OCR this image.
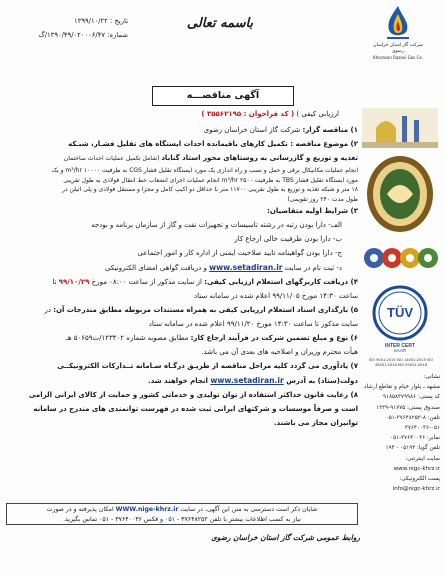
تاریخ : ۱۳۹۹/۱۰/۲۲
شماره: ۱۳۹۰/۴۹/۰۲۰۰۰۶/۴۷/گ
باسمه تعالی
شرکت گاز استان خراسان رضوی
Khorasan Razavi Gas Co.
آگهی مناقصـــه
ارزیابی کیفی ) ( کد فراخوان : ۳۵۵۶۲۱۹۵ )

۱) مناقصه گزار: شرکت گاز استان خراسان رضوی

۲) موضوع مناقصه : تکمیل کارهای باقیمانده احداث ایستگاه های تقلیل فشـار، شبـکه

تغذیه و توزیع و گازرسانی به روستاهای محور استاد گناباد (شامل تکمیل عملیات احداث ساختمان

انجام عملیات مکانیکال برقی و حمل و نصب و راه اندازی یک مورد ایستگاه تقلیل فشار CGS به ظرفیت m³/hr ۱۰۰۰۰ و یک

مورد ایستگاه تقلیل فشار TBS به ظرفیت m³/hr ۲۵۰۰ انجام عملیات اجرای انشعاب خط انتقال فولادی به طول تقریبی

۱۸ متر و شبکه تغذیه و توزیع به طول تقریبی ۱۱۷۰۰ متر با حداقل دو اکیپ کامل و مجزا و مستقل فولادی و پلی اتیلن در

طول مدت ۲۴۰ روز تقویمی)

۳) شرایط اولیه متقاضیان:

الف- دارا بودن رتبه در رشته تاسیسات و تجهیزات نفت و گاز از سازمان برنامه و بودجه

ب- دارا بودن ظرفیت خالی ارجاع کار

ج- دارا بودن گواهینامه تایید صلاحیت ایمنی از اداره کار و امور اجتماعی

د- ثبت نام در سایت www.setadiran.ir و دریافت گواهی امضای الکترونیکی

۴) دریافت کاربرگهای استعلام ارزیابی کیفی: از سایت مذکور از ساعت ۰۸:۰۰ مورخ ۹۹/۱۰/۲۹ تا

ساعت ۱۴:۳۰ مورخ ۹۹/۱۱/۰۵ اعلام شده در سامانه ستاد

۵) بارگذاری اسناد استعلام ارزیابی کیفی به همراه مستندات مربوطه مطابق مندرجات آن: در

سایت مذکور تا ساعت ۱۴:۳۰ مورخ ۹۹/۱۱/۲۰ اعلام شده در سامانه ستاد

۶) نوع و مبلغ تضمین شرکت در فرآیند ارجاع کار: مطابق مصوبه شماره ۱۲۳۴۰۲/ت۵۰۶۵۹ هـ

هیأت محترم وزیران و اصلاحیه های بعدی آن می باشد.

۷) یادآوری می گردد کلیه مراحل مناقصه از طریـق درگـاه سـامانه تــدارکات الکترونیکــی

دولت(ستاد) به آدرس www.setadiran.ir انجام خواهند شد.

۸) رعایت قانون حداکثر استفاده از توان تولیدی و خدماتی کشور و حمایت از کالای ایرانی الزامی

است و صرفاً موسسات و شرکتهای ایرانی ثبت شده در فهرست توانمندی های مندرج در سامانه

توانیران مجاز می باشند.

TÜV
INTER CERT
SAAR
ISO 9001:2015 ISO 14001:2015 ISO 45001:2018 ISO 50001:2018
نشانی:
مشهد ـ بلوار خیام و تقاطع ارشاد
کد پستی: ۹۱۸۵۸۳۷۹۹۸۶
صندوق پستی: ۹۱۷۷۵-۱۲۳۹
تلفن: ۸-۳۷۶۴۸۲۵۲-۰۵۱
۳۷۶۴۰۰۳۶-۰۵۱
نمابر: ۳۷۶۴۰۰۳۶-۰۵۱
تلفن گویا: ۰۵۱۹۴ - ۱۹۴
سایت اینترنتی:
www.nigc-khrz.ir
پست الکترونیکی:
info@nigc-khrz.ir
شایان ذکر است دسترسی به متن این آگهی، در سایت WWW.nige-khrz.ir امکان پذیرفته و در صورت
نیاز به کسب اطلاعات بیشتر با تلفن ۳۷۶۴۸۲۵۲ - ۰۵۱ و فکس ۳۷۶۴۰۰۳۶ - ۰۵۱ تماس بگیرید.
روابط عمومی شرکت گاز استان خراسان رضوی
